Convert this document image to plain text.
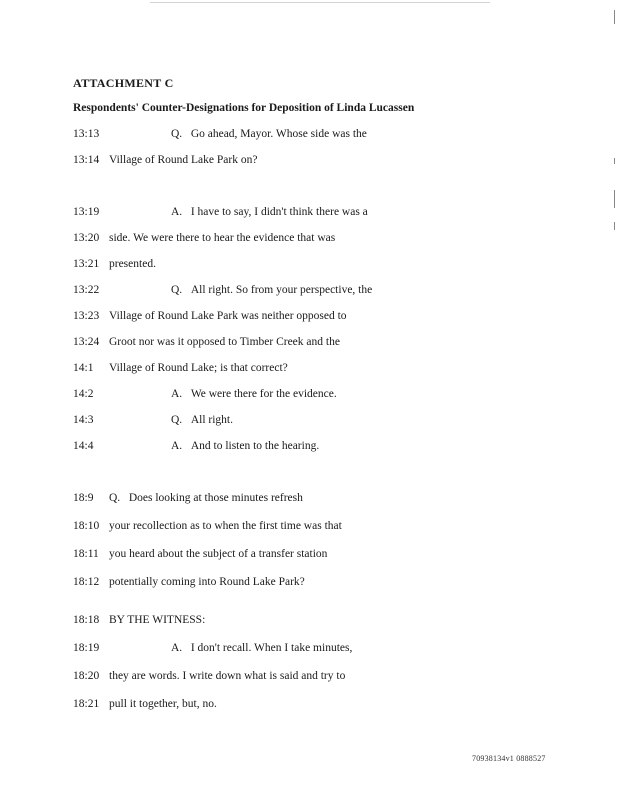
ATTACHMENT C
Respondents' Counter-Designations for Deposition of Linda Lucassen
13:13	Q. Go ahead, Mayor. Whose side was the
13:14 Village of Round Lake Park on?
13:19	A. I have to say, I didn't think there was a
13:20 side. We were there to hear the evidence that was
13:21 presented.
13:22	Q. All right. So from your perspective, the
13:23 Village of Round Lake Park was neither opposed to
13:24 Groot nor was it opposed to Timber Creek and the
14:1 Village of Round Lake; is that correct?
14:2	A. We were there for the evidence.
14:3	Q. All right.
14:4	A. And to listen to the hearing.
18:9 Q. Does looking at those minutes refresh
18:10 your recollection as to when the first time was that
18:11 you heard about the subject of a transfer station
18:12 potentially coming into Round Lake Park?
18:18 BY THE WITNESS:
18:19	A. I don't recall. When I take minutes,
18:20 they are words. I write down what is said and try to
18:21 pull it together, but, no.
70938134v1 0888527
